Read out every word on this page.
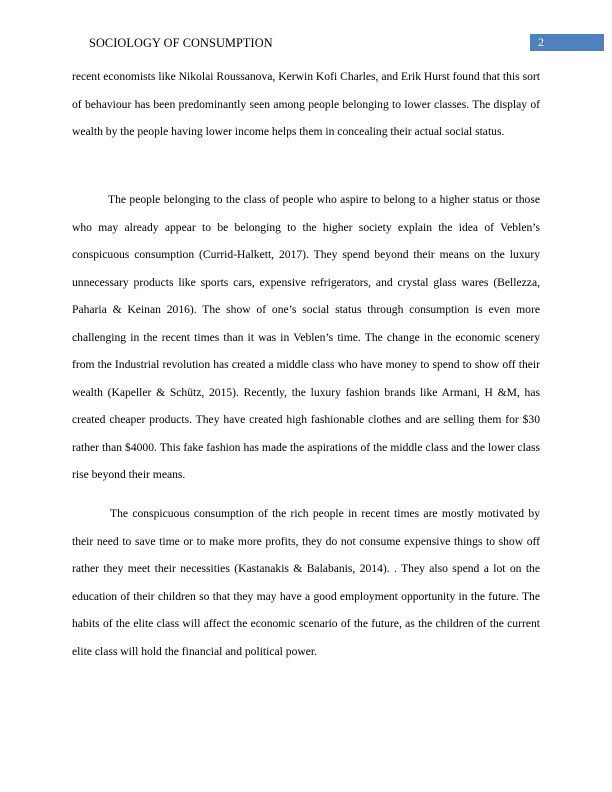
SOCIOLOGY OF CONSUMPTION	2

recent economists like Nikolai Roussanova, Kerwin Kofi Charles, and Erik Hurst found that this sort of behaviour has been predominantly seen among people belonging to lower classes. The display of wealth by the people having lower income helps them in concealing their actual social status.

The people belonging to the class of people who aspire to belong to a higher status or those who may already appear to be belonging to the higher society explain the idea of Veblen’s conspicuous consumption (Currid-Halkett, 2017). They spend beyond their means on the luxury unnecessary products like sports cars, expensive refrigerators, and crystal glass wares (Bellezza, Paharia & Keinan 2016). The show of one’s social status through consumption is even more challenging in the recent times than it was in Veblen’s time. The change in the economic scenery from the Industrial revolution has created a middle class who have money to spend to show off their wealth (Kapeller & Schütz, 2015). Recently, the luxury fashion brands like Armani, H &M, has created cheaper products. They have created high fashionable clothes and are selling them for $30 rather than $4000. This fake fashion has made the aspirations of the middle class and the lower class rise beyond their means.

The conspicuous consumption of the rich people in recent times are mostly motivated by their need to save time or to make more profits, they do not consume expensive things to show off rather they meet their necessities (Kastanakis & Balabanis, 2014). . They also spend a lot on the education of their children so that they may have a good employment opportunity in the future. The habits of the elite class will affect the economic scenario of the future, as the children of the current elite class will hold the financial and political power.
